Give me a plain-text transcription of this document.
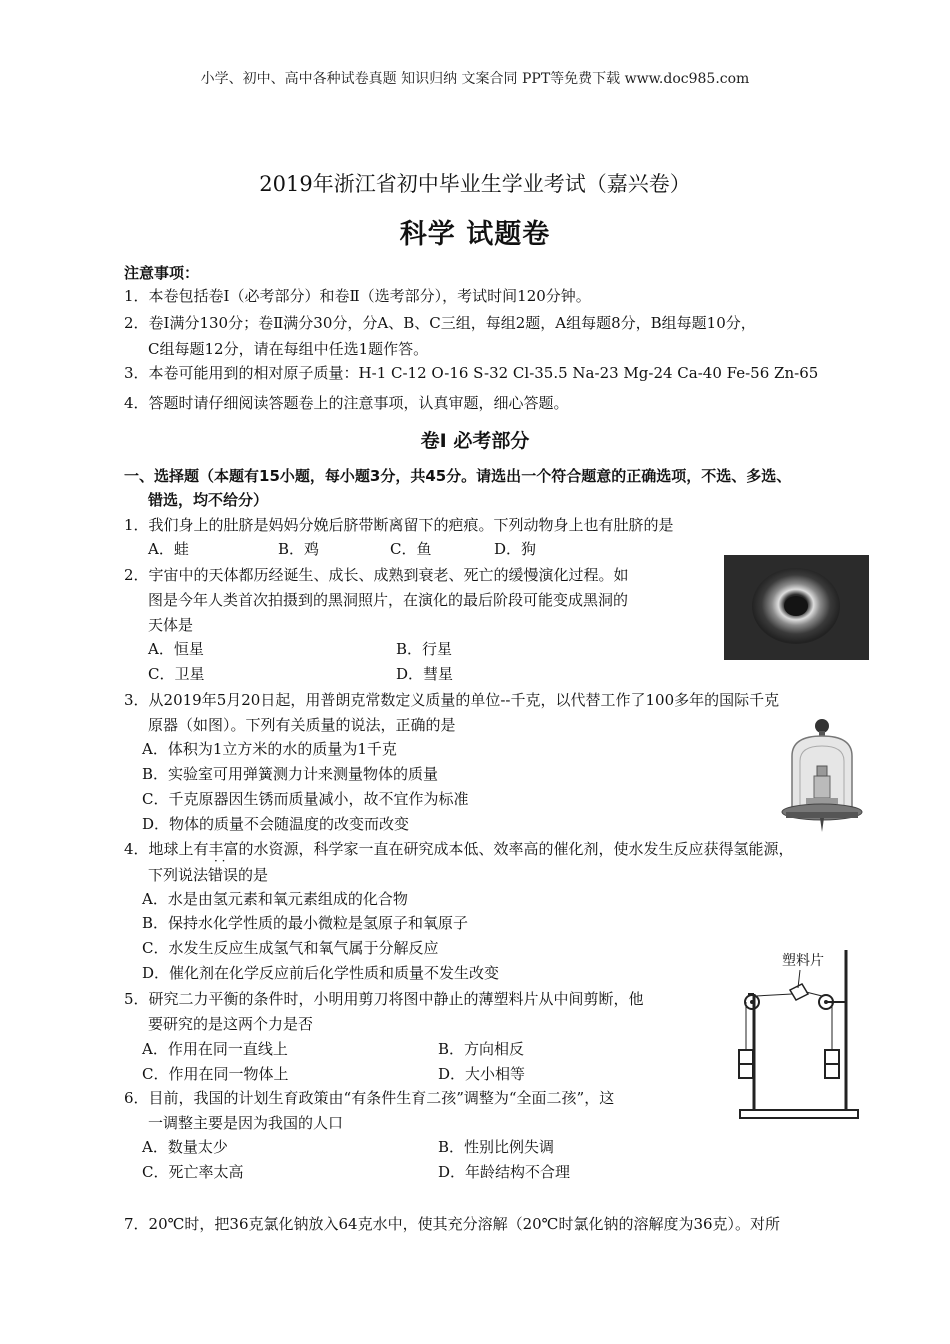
小学、初中、高中各种试卷真题 知识归纳 文案合同 PPT等免费下载 www.doc985.com
2019年浙江省初中毕业生学业考试（嘉兴卷）
科学 试题卷
注意事项：
1．本卷包括卷Ⅰ（必考部分）和卷Ⅱ（选考部分），考试时间120分钟。
2．卷Ⅰ满分130分；卷Ⅱ满分30分，分A、B、C三组，每组2题，A组每题8分，B组每题10分，
C组每题12分，请在每组中任选1题作答。
3．本卷可能用到的相对原子质量：H-1 C-12 O-16 S-32 Cl-35.5 Na-23 Mg-24 Ca-40 Fe-56 Zn-65
4．答题时请仔细阅读答题卷上的注意事项，认真审题，细心答题。
卷Ⅰ 必考部分
一、选择题（本题有15小题，每小题3分，共45分。请选出一个符合题意的正确选项，不选、多选、
错选，均不给分）
1．我们身上的肚脐是妈妈分娩后脐带断离留下的疤痕。下列动物身上也有肚脐的是
A．蛙	B．鸡	C．鱼	D．狗
2．宇宙中的天体都历经诞生、成长、成熟到衰老、死亡的缓慢演化过程。如
图是今年人类首次拍摄到的黑洞照片，在演化的最后阶段可能变成黑洞的
天体是
A．恒星	B．行星
C．卫星	D．彗星
3．从2019年5月20日起，用普朗克常数定义质量的单位--千克，以代替工作了100多年的国际千克
原器（如图）。下列有关质量的说法，正确的是
A．体积为1立方米的水的质量为1千克
B．实验室可用弹簧测力计来测量物体的质量
C．千克原器因生锈而质量减小，故不宜作为标准
D．物体的质量不会随温度的改变而改变
4．地球上有丰富的水资源，科学家一直在研究成本低、效率高的催化剂，使水发生反应获得氢能源，
· ·
下列说法错误的是
A．水是由氢元素和氧元素组成的化合物
B．保持水化学性质的最小微粒是氢原子和氧原子
C．水发生反应生成氢气和氧气属于分解反应
D．催化剂在化学反应前后化学性质和质量不发生改变
5．研究二力平衡的条件时，小明用剪刀将图中静止的薄塑料片从中间剪断，他
要研究的是这两个力是否
A．作用在同一直线上	B．方向相反
C．作用在同一物体上	D．大小相等
塑料片
6．目前，我国的计划生育政策由“有条件生育二孩”调整为“全面二孩”，这
一调整主要是因为我国的人口
A．数量太少	B．性别比例失调
C．死亡率太高	D．年龄结构不合理
7．20℃时，把36克氯化钠放入64克水中，使其充分溶解（20℃时氯化钠的溶解度为36克）。对所
